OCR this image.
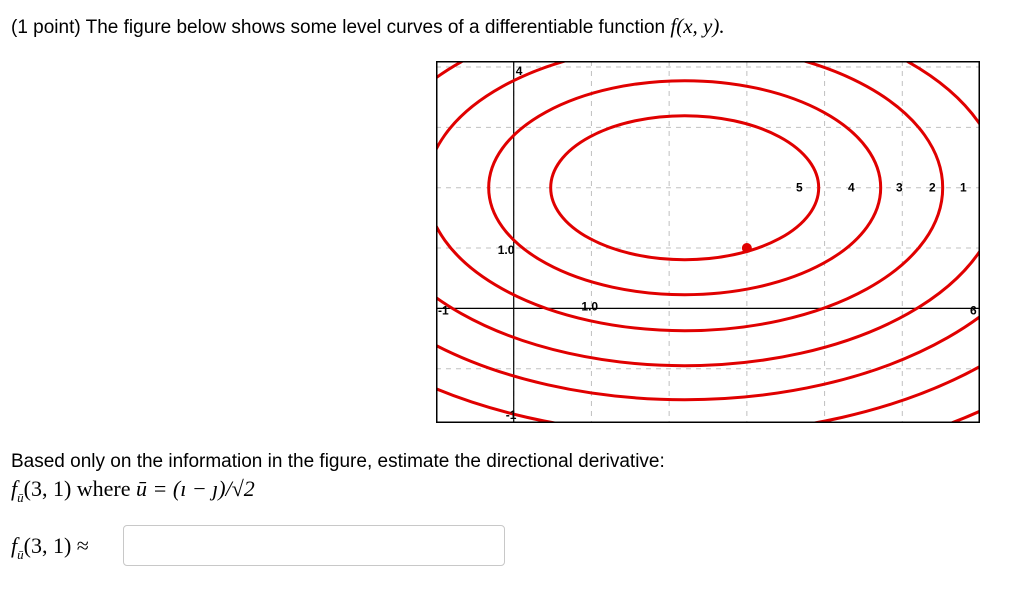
(1 point) The figure below shows some level curves of a differentiable function f(x, y).
4
-1
-1	6
1.0
1.0
5	4	3 2 1
Based only on the information in the figure, estimate the directional derivative:
$f_ū(3$, 1) where ū = (ı − ȷ)/√2
$f_ū(3$, 1) ≈
